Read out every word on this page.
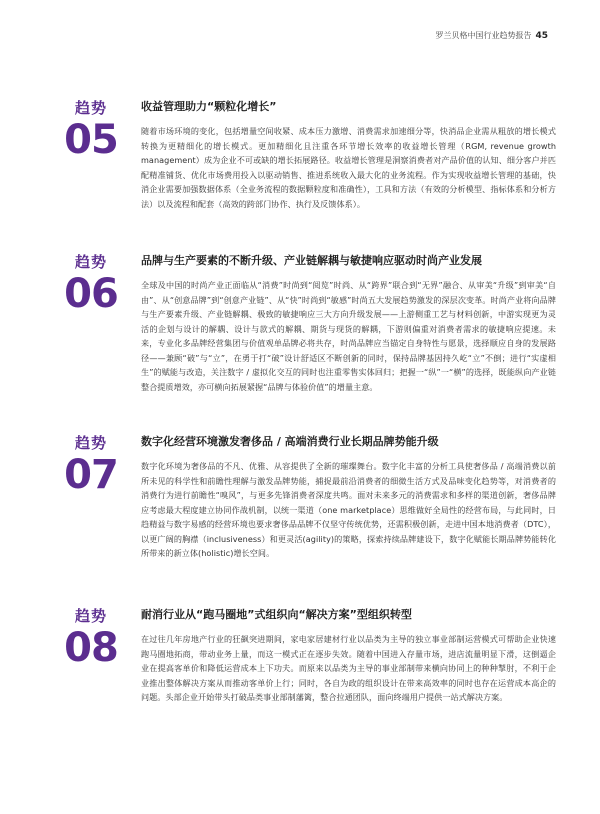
罗兰贝格中国行业趋势报告 45
趋势
05
收益管理助力“颗粒化增长”

随着市场环境的变化，包括增量空间收紧、成本压力激增、消费需求加速细分等，快消品企业需从粗放的增长模式转换为更精细化的增长模式。更加精细化且注重各环节增长效率的收益增长管理（RGM, revenue growth management）成为企业不可或缺的增长拓展路径。收益增长管理是洞察消费者对产品价值的认知、细分客户并匹配精准铺货、优化市场费用投入以驱动销售、推进系统收入最大化的业务流程。作为实现收益增长管理的基础，快消企业需要加强数据体系（全业务流程的数据颗粒度和准确性），工具和方法（有效的分析模型、指标体系和分析方法）以及流程和配套（高效的跨部门协作、执行及反馈体系）。

趋势
06
品牌与生产要素的不断升级、产业链解耦与敏捷响应驱动时尚产业发展

全球及中国的时尚产业正面临从“消费”时尚到“阅览”时尚、从“跨界”联合到“无界”融合、从审美“升级”到审美“自由”、从“创意品牌”到“创意产业链”、从“快”时尚到“敏感”时尚五大发展趋势激发的深层次变革。时尚产业将向品牌与生产要素升级、产业链解耦、极致的敏捷响应三大方向升级发展——上游侧重工艺与材料创新，中游实现更为灵活的企划与设计的解耦、设计与款式的解耦、期货与现货的解耦，下游则偏重对消费者需求的敏捷响应提速。未来，专业化多品牌经营集团与价值观单品牌必将共存，时尚品牌应当锚定自身特性与愿景，选择顺应自身的发展路径——兼顾“破”与“立”，在勇于打“破”设计舒适区不断创新的同时，保持品牌基因持久屹“立”不倒；进行“实虚相生”的赋能与改造，关注数字 / 虚拟化交互的同时也注重零售实体回归；把握一“纵”一“横”的选择，既能纵向产业链整合提质增效，亦可横向拓展紧握“品牌与体验价值”的增量主意。

趋势
07
数字化经营环境激发奢侈品 / 高端消费行业长期品牌势能升级

数字化环境为奢侈品的不凡、优雅、从容提供了全新的璀璨舞台。数字化丰富的分析工具使奢侈品 / 高端消费以前所未见的科学性和前瞻性理解与激发品牌势能，捕捉最前沿消费者的细微生活方式及品味变化趋势等，对消费者的消费行为进行前瞻性“嗅风”，与更多先锋消费者深度共鸣。面对未来多元的消费需求和多样的渠道创新，奢侈品牌应考虑最大程度建立协同作战机制，以统一渠道（one marketplace）思维做好全局性的经营布局，与此同时，日趋精益与数字易感的经营环境也要求奢侈品品牌不仅坚守传统优势，还需积极创新，走进中国本地消费者（DTC），以更广阔的胸襟（inclusiveness）和更灵活(agility)的策略，探索持续品牌建设下，数字化赋能长期品牌势能转化所带来的新立体(holistic)增长空间。

趋势
08
耐消行业从“跑马圈地”式组织向“解决方案”型组织转型

在过往几年房地产行业的狂飙突进期间，家电家居建材行业以品类为主导的独立事业部制运营模式可帮助企业快速跑马圈地拓商，带动业务上量，而这一模式正在逐步失效。随着中国进入存量市场，进店流量明显下滑，这倒逼企业在提高客单价和降低运营成本上下功夫。而原来以品类为主导的事业部制带来横向协同上的种种掣肘，不利于企业推出整体解决方案从而推动客单价上行；同时，各自为政的组织设计在带来高效率的同时也存在运营成本高企的问题。头部企业开始带头打破品类事业部制藩篱，整合拉通团队，面向终端用户提供一站式解决方案。
